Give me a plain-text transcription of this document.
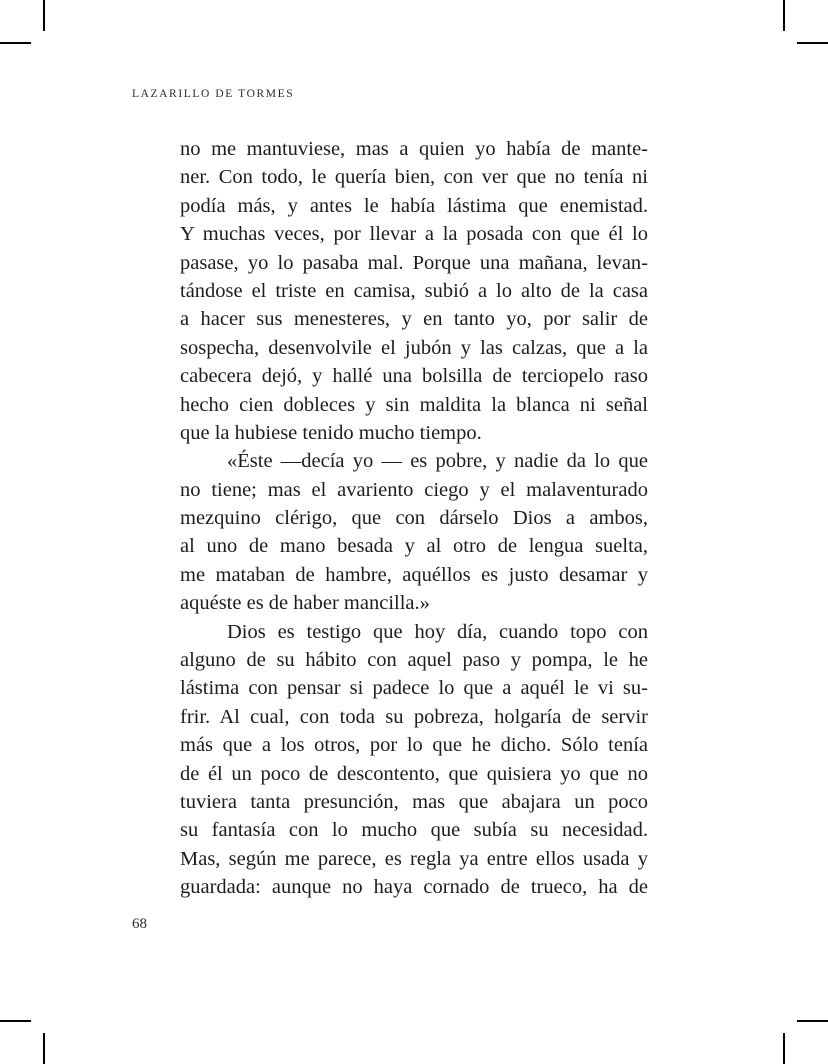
LAZARILLO DE TORMES
no me mantuviese, mas a quien yo había de mante-
ner. Con todo, le quería bien, con ver que no tenía ni
podía más, y antes le había lástima que enemistad.
Y muchas veces, por llevar a la posada con que él lo
pasase, yo lo pasaba mal. Porque una mañana, levan-
tándose el triste en camisa, subió a lo alto de la casa
a hacer sus menesteres, y en tanto yo, por salir de
sospecha, desenvolvile el jubón y las calzas, que a la
cabecera dejó, y hallé una bolsilla de terciopelo raso
hecho cien dobleces y sin maldita la blanca ni señal
que la hubiese tenido mucho tiempo.
«Éste —decía yo — es pobre, y nadie da lo que
no tiene; mas el avariento ciego y el malaventurado
mezquino clérigo, que con dárselo Dios a ambos,
al uno de mano besada y al otro de lengua suelta,
me mataban de hambre, aquéllos es justo desamar y
aquéste es de haber mancilla.»
Dios es testigo que hoy día, cuando topo con
alguno de su hábito con aquel paso y pompa, le he
lástima con pensar si padece lo que a aquél le vi su-
frir. Al cual, con toda su pobreza, holgaría de servir
más que a los otros, por lo que he dicho. Sólo tenía
de él un poco de descontento, que quisiera yo que no
tuviera tanta presunción, mas que abajara un poco
su fantasía con lo mucho que subía su necesidad.
Mas, según me parece, es regla ya entre ellos usada y
guardada: aunque no haya cornado de trueco, ha de
68
